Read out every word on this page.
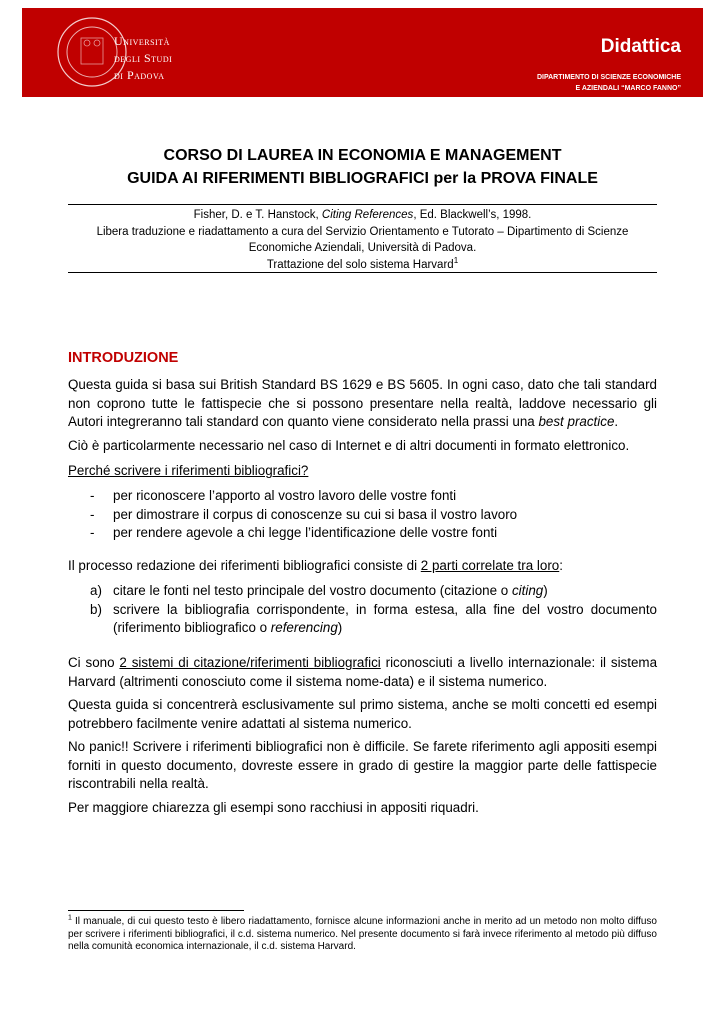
Università
degli Studi
di Padova
Didattica
DIPARTIMENTO DI SCIENZE ECONOMICHE
E AZIENDALI “MARCO FANNO”
CORSO DI LAUREA IN ECONOMIA E MANAGEMENT
GUIDA AI RIFERIMENTI BIBLIOGRAFICI per la PROVA FINALE
Fisher, D. e T. Hanstock, Citing References, Ed. Blackwell’s, 1998.
Libera traduzione e riadattamento a cura del Servizio Orientamento e Tutorato – Dipartimento di Scienze Economiche Aziendali, Università di Padova.
Trattazione del solo sistema Harvard$^1$
INTRODUZIONE
Questa guida si basa sui British Standard BS 1629 e BS 5605. In ogni caso, dato che tali standard non coprono tutte le fattispecie che si possono presentare nella realtà, laddove necessario gli Autori integreranno tali standard con quanto viene considerato nella prassi una best practice.
Ciò è particolarmente necessario nel caso di Internet e di altri documenti in formato elettronico.
Perché scrivere i riferimenti bibliografici?
- per riconoscere l’apporto al vostro lavoro delle vostre fonti
- per dimostrare il corpus di conoscenze su cui si basa il vostro lavoro
- per rendere agevole a chi legge l’identificazione delle vostre fonti
Il processo redazione dei riferimenti bibliografici consiste di 2 parti correlate tra loro:
a) citare le fonti nel testo principale del vostro documento (citazione o citing)
b) scrivere la bibliografia corrispondente, in forma estesa, alla fine del vostro documento (riferimento bibliografico o referencing)
Ci sono 2 sistemi di citazione/riferimenti bibliografici riconosciuti a livello internazionale: il sistema Harvard (altrimenti conosciuto come il sistema nome-data) e il sistema numerico.
Questa guida si concentrerà esclusivamente sul primo sistema, anche se molti concetti ed esempi potrebbero facilmente venire adattati al sistema numerico.
No panic!! Scrivere i riferimenti bibliografici non è difficile. Se farete riferimento agli appositi esempi forniti in questo documento, dovreste essere in grado di gestire la maggior parte delle fattispecie riscontrabili nella realtà.
Per maggiore chiarezza gli esempi sono racchiusi in appositi riquadri.
$^1$ Il manuale, di cui questo testo è libero riadattamento, fornisce alcune informazioni anche in merito ad un metodo non molto diffuso per scrivere i riferimenti bibliografici, il c.d. sistema numerico. Nel presente documento si farà invece riferimento al metodo più diffuso nella comunità economica internazionale, il c.d. sistema Harvard.
